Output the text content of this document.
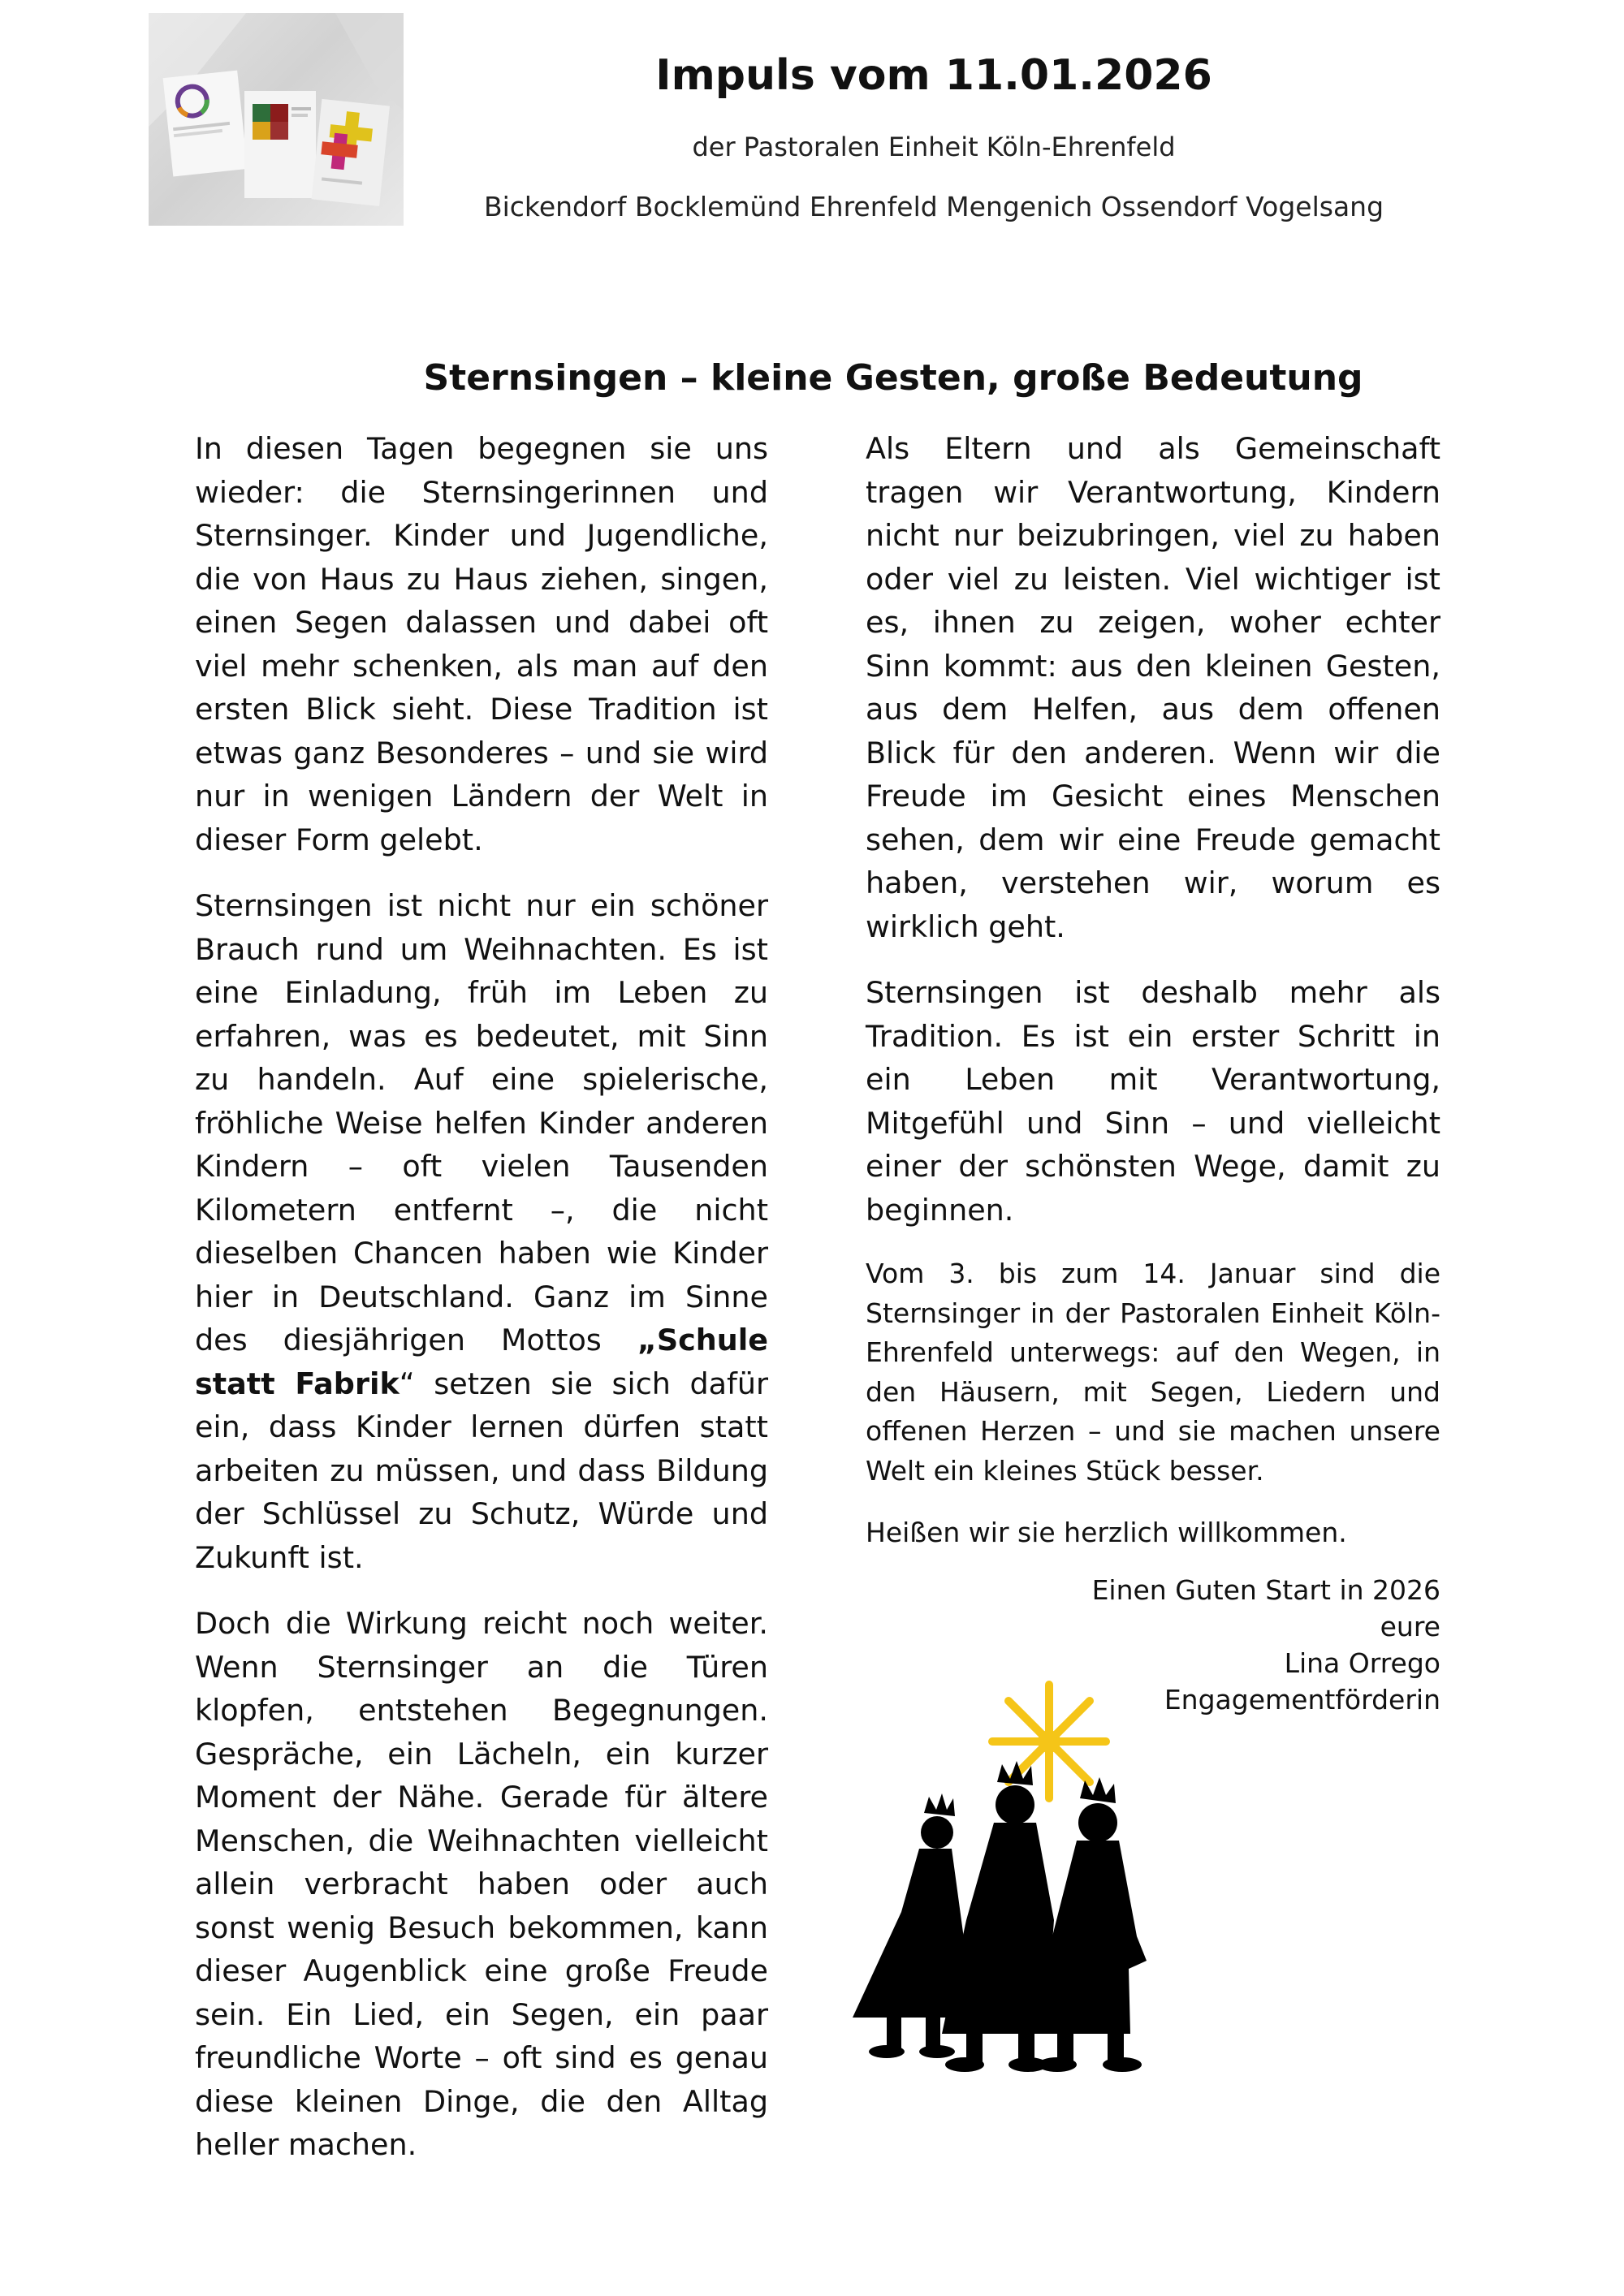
Impuls vom 11.01.2026
der Pastoralen Einheit Köln-Ehrenfeld
Bickendorf Bocklemünd Ehrenfeld Mengenich Ossendorf Vogelsang
Sternsingen – kleine Gesten, große Bedeutung

In diesen Tagen begegnen sie uns wieder: die Sternsingerinnen und Sternsinger. Kinder und Jugendliche, die von Haus zu Haus ziehen, singen, einen Segen dalassen und dabei oft viel mehr schenken, als man auf den ersten Blick sieht. Diese Tradition ist etwas ganz Besonderes – und sie wird nur in wenigen Ländern der Welt in dieser Form gelebt.

Sternsingen ist nicht nur ein schöner Brauch rund um Weihnachten. Es ist eine Einladung, früh im Leben zu erfahren, was es bedeutet, mit Sinn zu handeln. Auf eine spielerische, fröhliche Weise helfen Kinder anderen Kindern – oft vielen Tausenden Kilometern entfernt –, die nicht dieselben Chancen haben wie Kinder hier in Deutschland. Ganz im Sinne des diesjährigen Mottos „Schule statt Fabrik“ setzen sie sich dafür ein, dass Kinder lernen dürfen statt arbeiten zu müssen, und dass Bildung der Schlüssel zu Schutz, Würde und Zukunft ist.

Doch die Wirkung reicht noch weiter. Wenn Sternsinger an die Türen klopfen, entstehen Begegnungen. Gespräche, ein Lächeln, ein kurzer Moment der Nähe. Gerade für ältere Menschen, die Weihnachten vielleicht allein verbracht haben oder auch sonst wenig Besuch bekommen, kann dieser Augenblick eine große Freude sein. Ein Lied, ein Segen, ein paar freundliche Worte – oft sind es genau diese kleinen Dinge, die den Alltag heller machen.

Als Eltern und als Gemeinschaft tragen wir Verantwortung, Kindern nicht nur beizubringen, viel zu haben oder viel zu leisten. Viel wichtiger ist es, ihnen zu zeigen, woher echter Sinn kommt: aus den kleinen Gesten, aus dem Helfen, aus dem offenen Blick für den anderen. Wenn wir die Freude im Gesicht eines Menschen sehen, dem wir eine Freude gemacht haben, verstehen wir, worum es wirklich geht.

Sternsingen ist deshalb mehr als Tradition. Es ist ein erster Schritt in ein Leben mit Verantwortung, Mitgefühl und Sinn – und vielleicht einer der schönsten Wege, damit zu beginnen.

Vom 3. bis zum 14. Januar sind die Sternsinger in der Pastoralen Einheit Köln-Ehrenfeld unterwegs: auf den Wegen, in den Häusern, mit Segen, Liedern und offenen Herzen – und sie machen unsere Welt ein kleines Stück besser.

Heißen wir sie herzlich willkommen.

Einen Guten Start in 2026
eure
Lina Orrego
Engagementförderin
